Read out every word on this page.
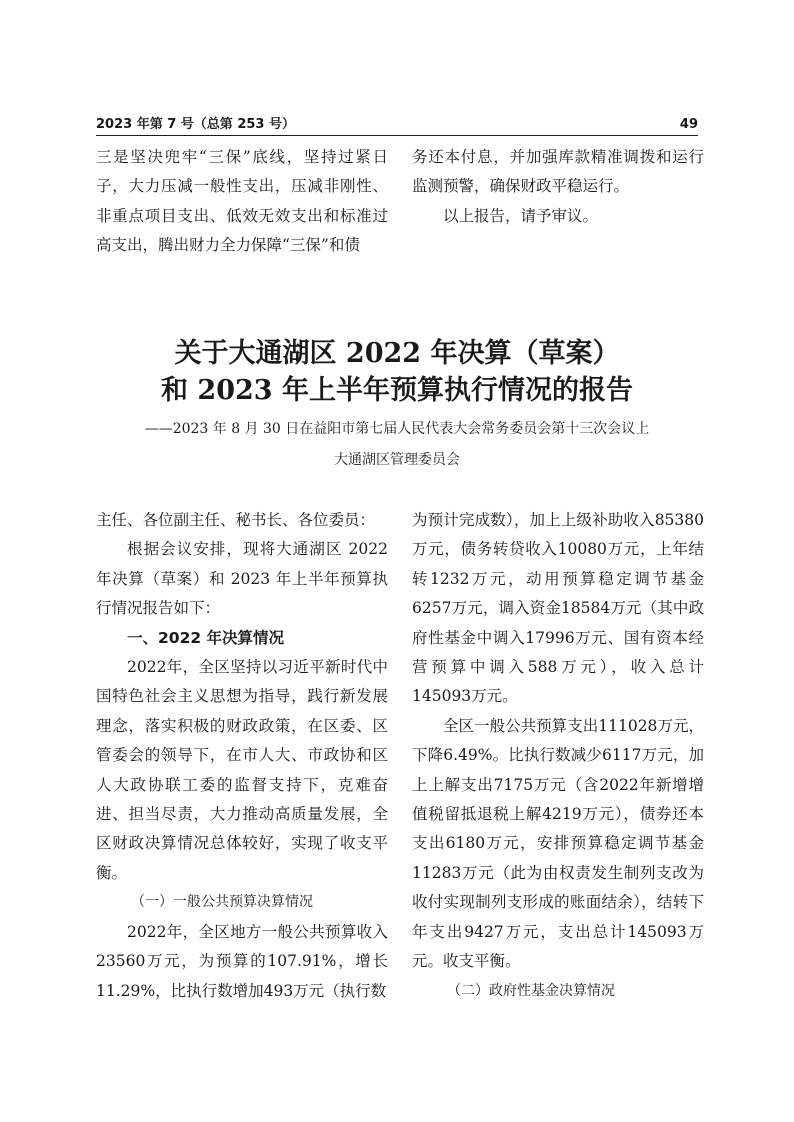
2023 年第 7 号（总第 253 号）	49

三是坚决兜牢“三保”底线，坚持过紧日子，大力压减一般性支出，压减非刚性、非重点项目支出、低效无效支出和标准过高支出，腾出财力全力保障“三保”和债

务还本付息，并加强库款精准调拨和运行监测预警，确保财政平稳运行。

以上报告，请予审议。

关于大通湖区 2022 年决算（草案）
和 2023 年上半年预算执行情况的报告
——2023 年 8 月 30 日在益阳市第七届人民代表大会常务委员会第十三次会议上
大通湖区管理委员会

主任、各位副主任、秘书长、各位委员：

根据会议安排，现将大通湖区 2022 年决算（草案）和 2023 年上半年预算执行情况报告如下：

一、2022 年决算情况

2022年，全区坚持以习近平新时代中国特色社会主义思想为指导，践行新发展理念，落实积极的财政政策，在区委、区管委会的领导下，在市人大、市政协和区人大政协联工委的监督支持下，克难奋进、担当尽责，大力推动高质量发展，全区财政决算情况总体较好，实现了收支平衡。

（一）一般公共预算决算情况

2022年，全区地方一般公共预算收入23560万元，为预算的107.91%，增长11.29%，比执行数增加493万元（执行数

为预计完成数），加上上级补助收入85380万元，债务转贷收入10080万元，上年结转1232万元，动用预算稳定调节基金6257万元，调入资金18584万元（其中政府性基金中调入17996万元、国有资本经营预算中调入588万元），收入总计145093万元。

全区一般公共预算支出111028万元，下降6.49%。比执行数减少6117万元，加上上解支出7175万元（含2022年新增增值税留抵退税上解4219万元），债券还本支出6180万元，安排预算稳定调节基金11283万元（此为由权责发生制列支改为收付实现制列支形成的账面结余），结转下年支出9427万元，支出总计145093万元。收支平衡。

（二）政府性基金决算情况
